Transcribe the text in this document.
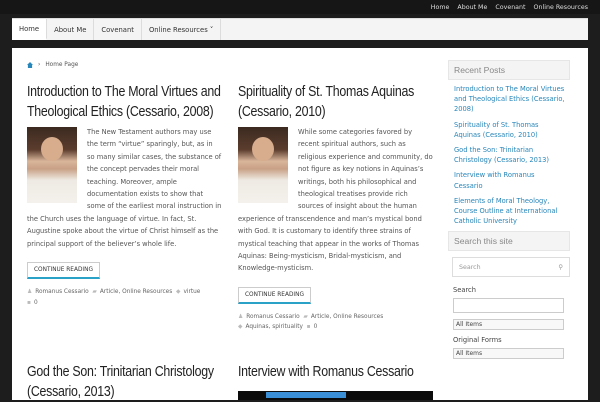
Home About Me Covenant Online Resources
Home	About Me	Covenant	Online Resources ˅
› Home Page
Introduction to The Moral Virtues and Theological Ethics (Cessario, 2008)
The New Testament authors may use the term “virtue” sparingly, but, as in so many similar cases, the substance of the concept pervades their moral teaching. Moreover, ample documentation exists to show that some of the earliest moral instruction in the Church uses the language of virtue. In fact, St. Augustine spoke about the virtue of Christ himself as the principal support of the believer’s whole life.
CONTINUE READING
♟ Romanus Cessario ▰ Article, Online Resources ◆ virtue
▪ 0
Spirituality of St. Thomas Aquinas (Cessario, 2010)
While some categories favored by recent spiritual authors, such as religious experience and community, do not figure as key notions in Aquinas’s writings, both his philosophical and theological treatises provide rich sources of insight about the human experience of transcendence and man’s mystical bond with God. It is customary to identify three strains of mystical teaching that appear in the works of Thomas Aquinas: Being-mysticism, Bridal-mysticism, and Knowledge-mysticism.
CONTINUE READING
♟ Romanus Cessario ▰ Article, Online Resources
◆ Aquinas, spirituality ▪ 0
God the Son: Trinitarian Christology (Cessario, 2013)
Interview with Romanus Cessario
Recent Posts
Introduction to The Moral Virtues and Theological Ethics (Cessario, 2008)
Spirituality of St. Thomas Aquinas (Cessario, 2010)
God the Son: Trinitarian Christology (Cessario, 2013)
Interview with Romanus Cessario
Elements of Moral Theology, Course Outline at International Catholic University
Search this site
Search	⚲
Search
All Items
Original Forms
All Items
